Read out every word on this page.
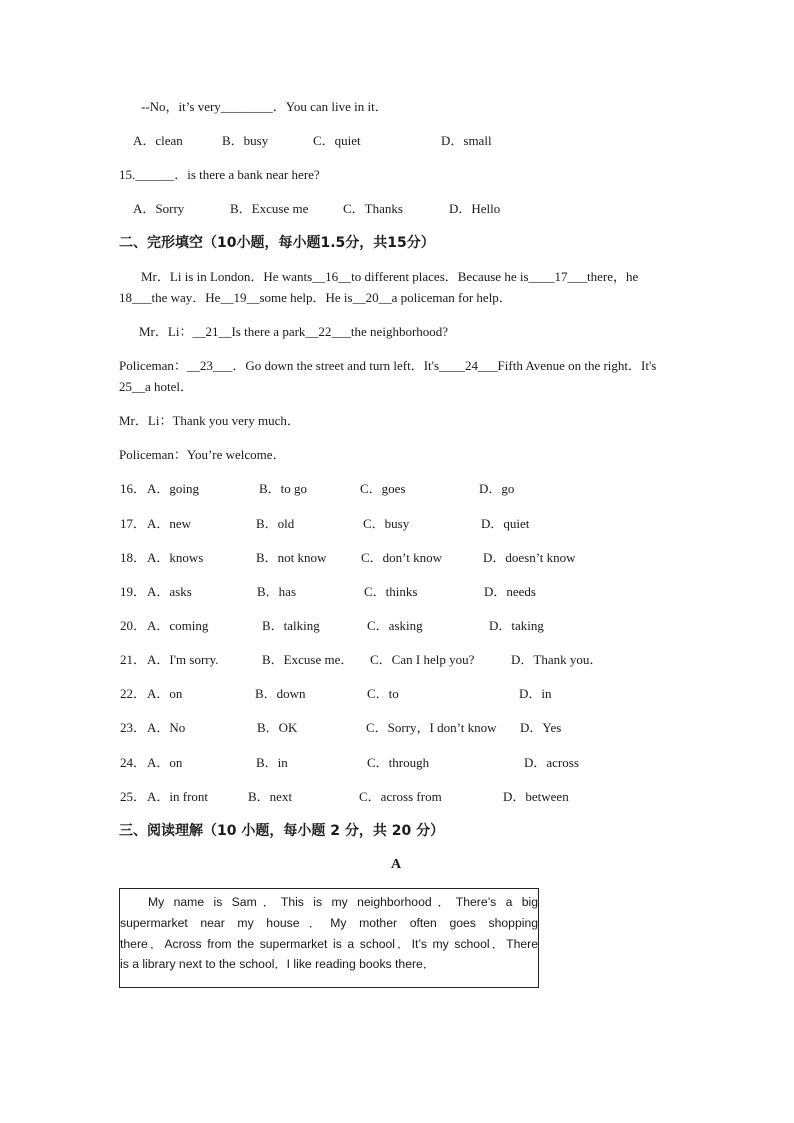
--No，it’s very________．You can live in it．
A．clean	B．busy	C．quiet	D．small
15.______．is there a bank near here?
A．Sorry	B．Excuse me	C．Thanks	D．Hello
二、完形填空（10小题，每小题1.5分，共15分）
Mr．Li is in London．He wants__16__to different places．Because he is____17___there，he
18___the way．He__19__some help．He is__20__a policeman for help．
Mr．Li：__21__Is there a park__22___the neighborhood?
Policeman：__23___．Go down the street and turn left．It's____24___Fifth Avenue on the right．It's
25__a hotel．
Mr．Li：Thank you very much．
Policeman：You’re welcome．
16． A．going	B．to go	C．goes	D．go
17． A．new	B．old	C．busy	D．quiet
18． A．knows	B．not know	C．don’t know	D．doesn’t know
19． A．asks	B．has	C．thinks	D．needs
20． A．coming	B．talking	C．asking	D．taking
21． A．I'm sorry.	B．Excuse me． C．Can I help you?	D．Thank you．
22． A．on	B．down	C．to	D．in
23． A．No	B．OK	C．Sorry，I don’t know D．Yes
24． A．on	B．in	C．through	D．across
25． A．in front	B．next	C．across from	D．between
三、阅读理解（10 小题，每小题 2 分，共 20 分）
A
My name is Sam．This is my neighborhood．There’s a big
supermarket near my house．My mother often goes shopping
there．Across from the supermarket is a school．It’s my school．There
is a library next to the school．I like reading books there．
